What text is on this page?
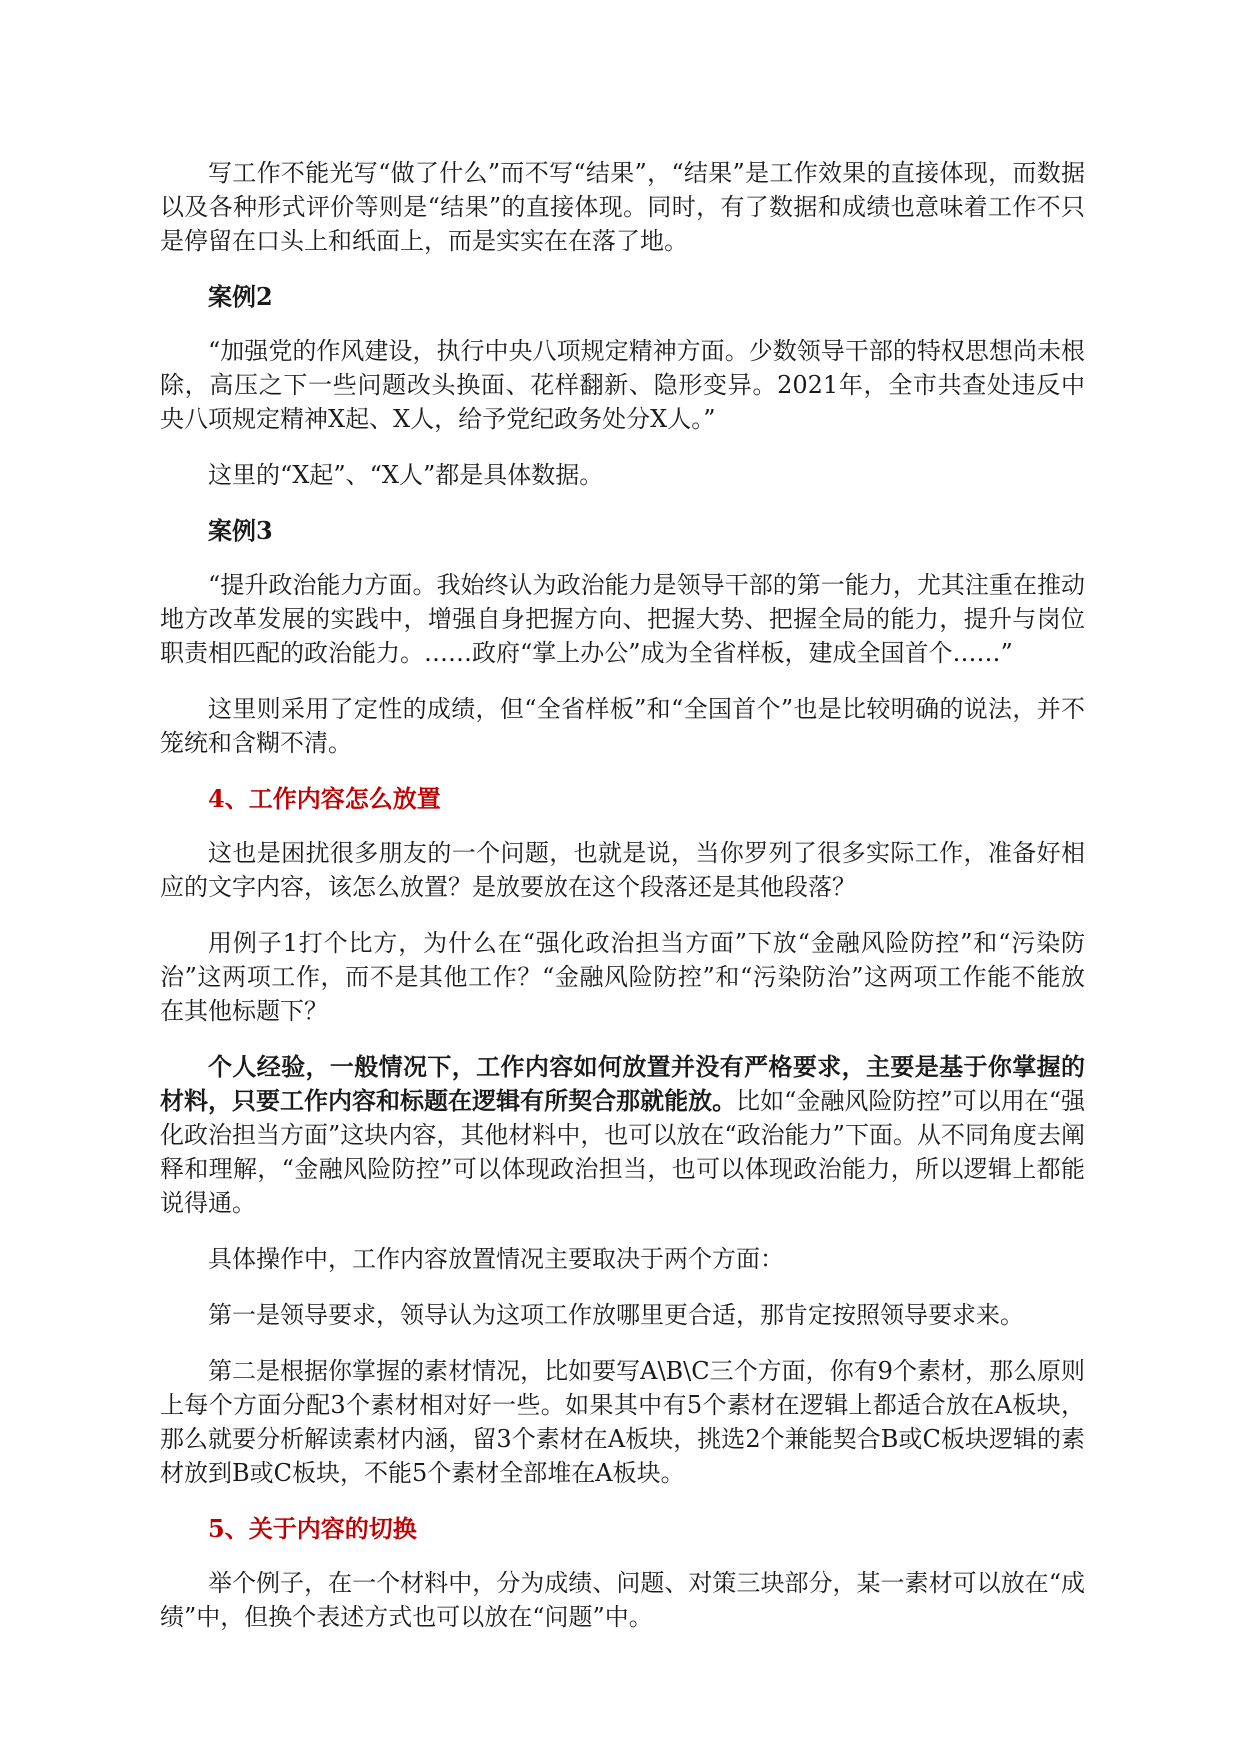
写工作不能光写“做了什么”而不写“结果”，“结果”是工作效果的直接体现，而数据以及各种形式评价等则是“结果”的直接体现。同时，有了数据和成绩也意味着工作不只是停留在口头上和纸面上，而是实实在在落了地。

案例2

“加强党的作风建设，执行中央八项规定精神方面。少数领导干部的特权思想尚未根除，高压之下一些问题改头换面、花样翻新、隐形变异。2021年，全市共查处违反中央八项规定精神X起、X人，给予党纪政务处分X人。”

这里的“X起”、“X人”都是具体数据。

案例3

“提升政治能力方面。我始终认为政治能力是领导干部的第一能力，尤其注重在推动地方改革发展的实践中，增强自身把握方向、把握大势、把握全局的能力，提升与岗位职责相匹配的政治能力。……政府“掌上办公”成为全省样板，建成全国首个……”

这里则采用了定性的成绩，但“全省样板”和“全国首个”也是比较明确的说法，并不笼统和含糊不清。

4、工作内容怎么放置

这也是困扰很多朋友的一个问题，也就是说，当你罗列了很多实际工作，准备好相应的文字内容，该怎么放置？是放要放在这个段落还是其他段落？

用例子1打个比方，为什么在“强化政治担当方面”下放“金融风险防控”和“污染防治”这两项工作，而不是其他工作？“金融风险防控”和“污染防治”这两项工作能不能放在其他标题下？

个人经验，一般情况下，工作内容如何放置并没有严格要求，主要是基于你掌握的材料，只要工作内容和标题在逻辑有所契合那就能放。比如“金融风险防控”可以用在“强化政治担当方面”这块内容，其他材料中，也可以放在“政治能力”下面。从不同角度去阐释和理解，“金融风险防控”可以体现政治担当，也可以体现政治能力，所以逻辑上都能说得通。

具体操作中，工作内容放置情况主要取决于两个方面：

第一是领导要求，领导认为这项工作放哪里更合适，那肯定按照领导要求来。

第二是根据你掌握的素材情况，比如要写A\B\C三个方面，你有9个素材，那么原则上每个方面分配3个素材相对好一些。如果其中有5个素材在逻辑上都适合放在A板块，那么就要分析解读素材内涵，留3个素材在A板块，挑选2个兼能契合B或C板块逻辑的素材放到B或C板块，不能5个素材全部堆在A板块。

5、关于内容的切换

举个例子，在一个材料中，分为成绩、问题、对策三块部分，某一素材可以放在“成绩”中，但换个表述方式也可以放在“问题”中。
